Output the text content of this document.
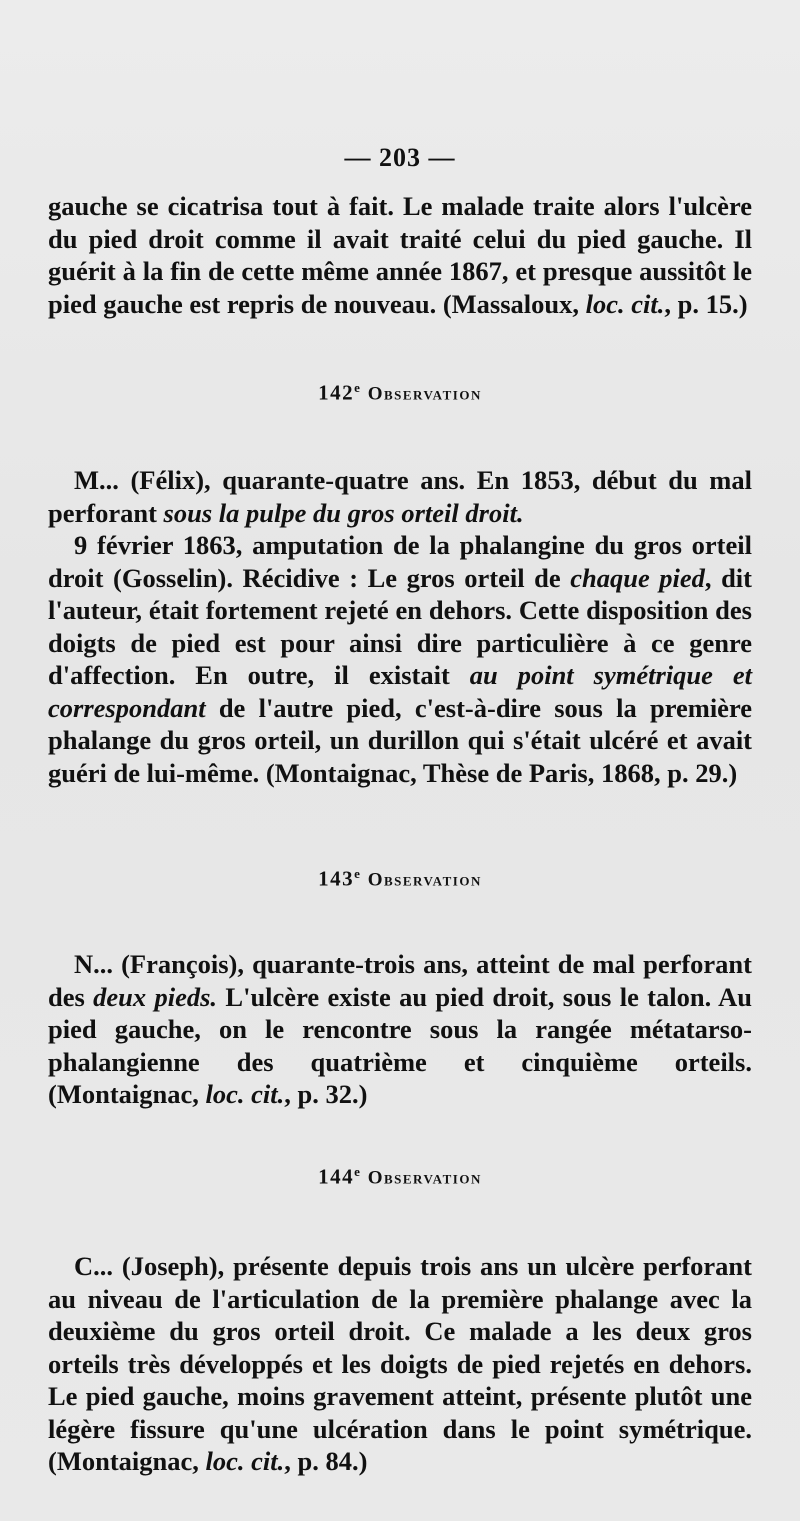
— 203 —

gauche se cicatrisa tout à fait. Le malade traite alors l'ulcère du pied droit comme il avait traité celui du pied gauche. Il guérit à la fin de cette même année 1867, et presque aussitôt le pied gauche est repris de nouveau. (Massaloux, loc. cit., p. 15.)

142e Observation

M... (Félix), quarante-quatre ans. En 1853, début du mal perforant sous la pulpe du gros orteil droit.

9 février 1863, amputation de la phalangine du gros orteil droit (Gosselin). Récidive : Le gros orteil de chaque pied, dit l'auteur, était fortement rejeté en dehors. Cette disposition des doigts de pied est pour ainsi dire particulière à ce genre d'affection. En outre, il existait au point symétrique et correspondant de l'autre pied, c'est-à-dire sous la première phalange du gros orteil, un durillon qui s'était ulcéré et avait guéri de lui-même. (Montaignac, Thèse de Paris, 1868, p. 29.)

143e Observation

N... (François), quarante-trois ans, atteint de mal perforant des deux pieds. L'ulcère existe au pied droit, sous le talon. Au pied gauche, on le rencontre sous la rangée métatarso-phalangienne des quatrième et cinquième orteils. (Montaignac, loc. cit., p. 32.)

144e Observation

C... (Joseph), présente depuis trois ans un ulcère perforant au niveau de l'articulation de la première phalange avec la deuxième du gros orteil droit. Ce malade a les deux gros orteils très développés et les doigts de pied rejetés en dehors. Le pied gauche, moins gravement atteint, présente plutôt une légère fissure qu'une ulcération dans le point symétrique. (Montaignac, loc. cit., p. 84.)
